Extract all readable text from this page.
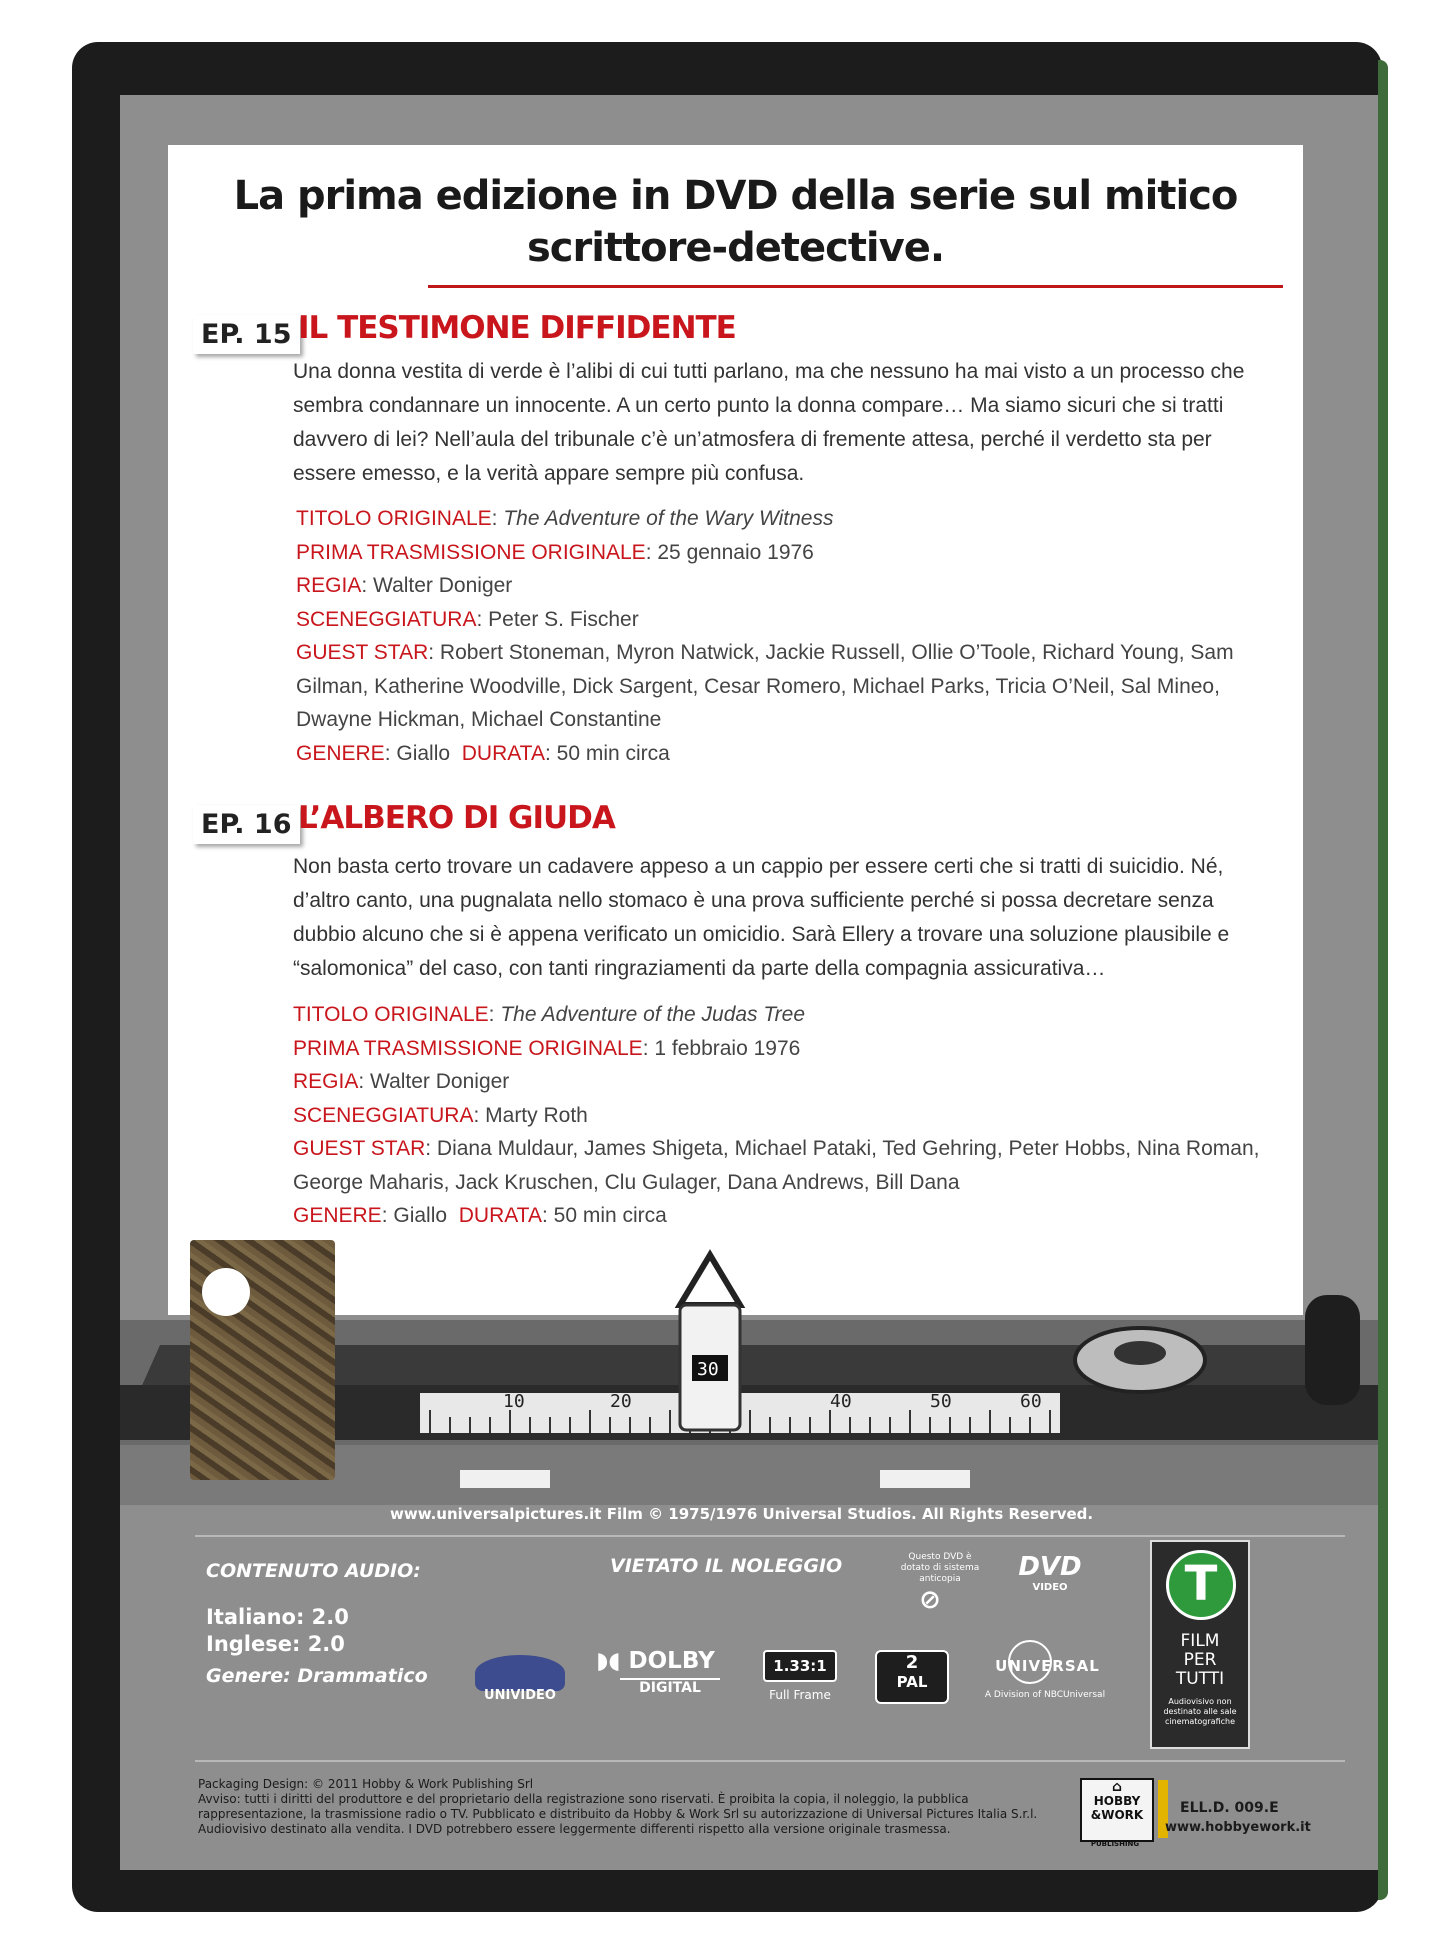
La prima edizione in DVD della serie sul mitico scrittore-detective.
EP. 15 IL TESTIMONE DIFFIDENTE

Una donna vestita di verde è l’alibi di cui tutti parlano, ma che nessuno ha mai visto a un processo che sembra condannare un innocente. A un certo punto la donna compare… Ma siamo sicuri che si tratti davvero di lei? Nell’aula del tribunale c’è un’atmosfera di fremente attesa, perché il verdetto sta per essere emesso, e la verità appare sempre più confusa.

TITOLO ORIGINALE: The Adventure of the Wary Witness
PRIMA TRASMISSIONE ORIGINALE: 25 gennaio 1976
REGIA: Walter Doniger
SCENEGGIATURA: Peter S. Fischer
GUEST STAR: Robert Stoneman, Myron Natwick, Jackie Russell, Ollie O’Toole, Richard Young, Sam Gilman, Katherine Woodville, Dick Sargent, Cesar Romero, Michael Parks, Tricia O’Neil, Sal Mineo, Dwayne Hickman, Michael Constantine
GENERE: Giallo DURATA: 50 min circa
EP. 16 L’ALBERO DI GIUDA

Non basta certo trovare un cadavere appeso a un cappio per essere certi che si tratti di suicidio. Né, d’altro canto, una pugnalata nello stomaco è una prova sufficiente perché si possa decretare senza dubbio alcuno che si è appena verificato un omicidio. Sarà Ellery a trovare una soluzione plausibile e “salomonica” del caso, con tanti ringraziamenti da parte della compagnia assicurativa…

TITOLO ORIGINALE: The Adventure of the Judas Tree
PRIMA TRASMISSIONE ORIGINALE: 1 febbraio 1976
REGIA: Walter Doniger
SCENEGGIATURA: Marty Roth
GUEST STAR: Diana Muldaur, James Shigeta, Michael Pataki, Ted Gehring, Peter Hobbs, Nina Roman, George Maharis, Jack Kruschen, Clu Gulager, Dana Andrews, Bill Dana
GENERE: Giallo DURATA: 50 min circa
10	20	40	50	60
30
www.universalpictures.it Film © 1975/1976 Universal Studios. All Rights Reserved.
CONTENUTO AUDIO:
Italiano: 2.0
Inglese: 2.0
Genere: Drammatico
VIETATO IL NOLEGGIO	Questo DVD è dotato di sistema anticopia
⊘
DVD
VIDEO
UNIVIDEO
◗◖ DOLBY
DIGITAL
1.33:1
Full Frame
2
PAL
UNIVERSAL
A Division of NBCUniversal
T
FILM
PER
TUTTI
Audiovisivo non destinato alle sale cinematografiche
Packaging Design: © 2011 Hobby & Work Publishing Srl
Avviso: tutti i diritti del produttore e del proprietario della registrazione sono riservati. È proibita la copia, il noleggio, la pubblica rappresentazione, la trasmissione radio o TV. Pubblicato e distribuito da Hobby & Work Srl su autorizzazione di Universal Pictures Italia S.r.l. Audiovisivo destinato alla vendita. I DVD potrebbero essere leggermente differenti rispetto alla versione originale trasmessa.
⌂
HOBBY
&WORK
PUBLISHING
ELL.D. 009.E
www.hobbyework.it
